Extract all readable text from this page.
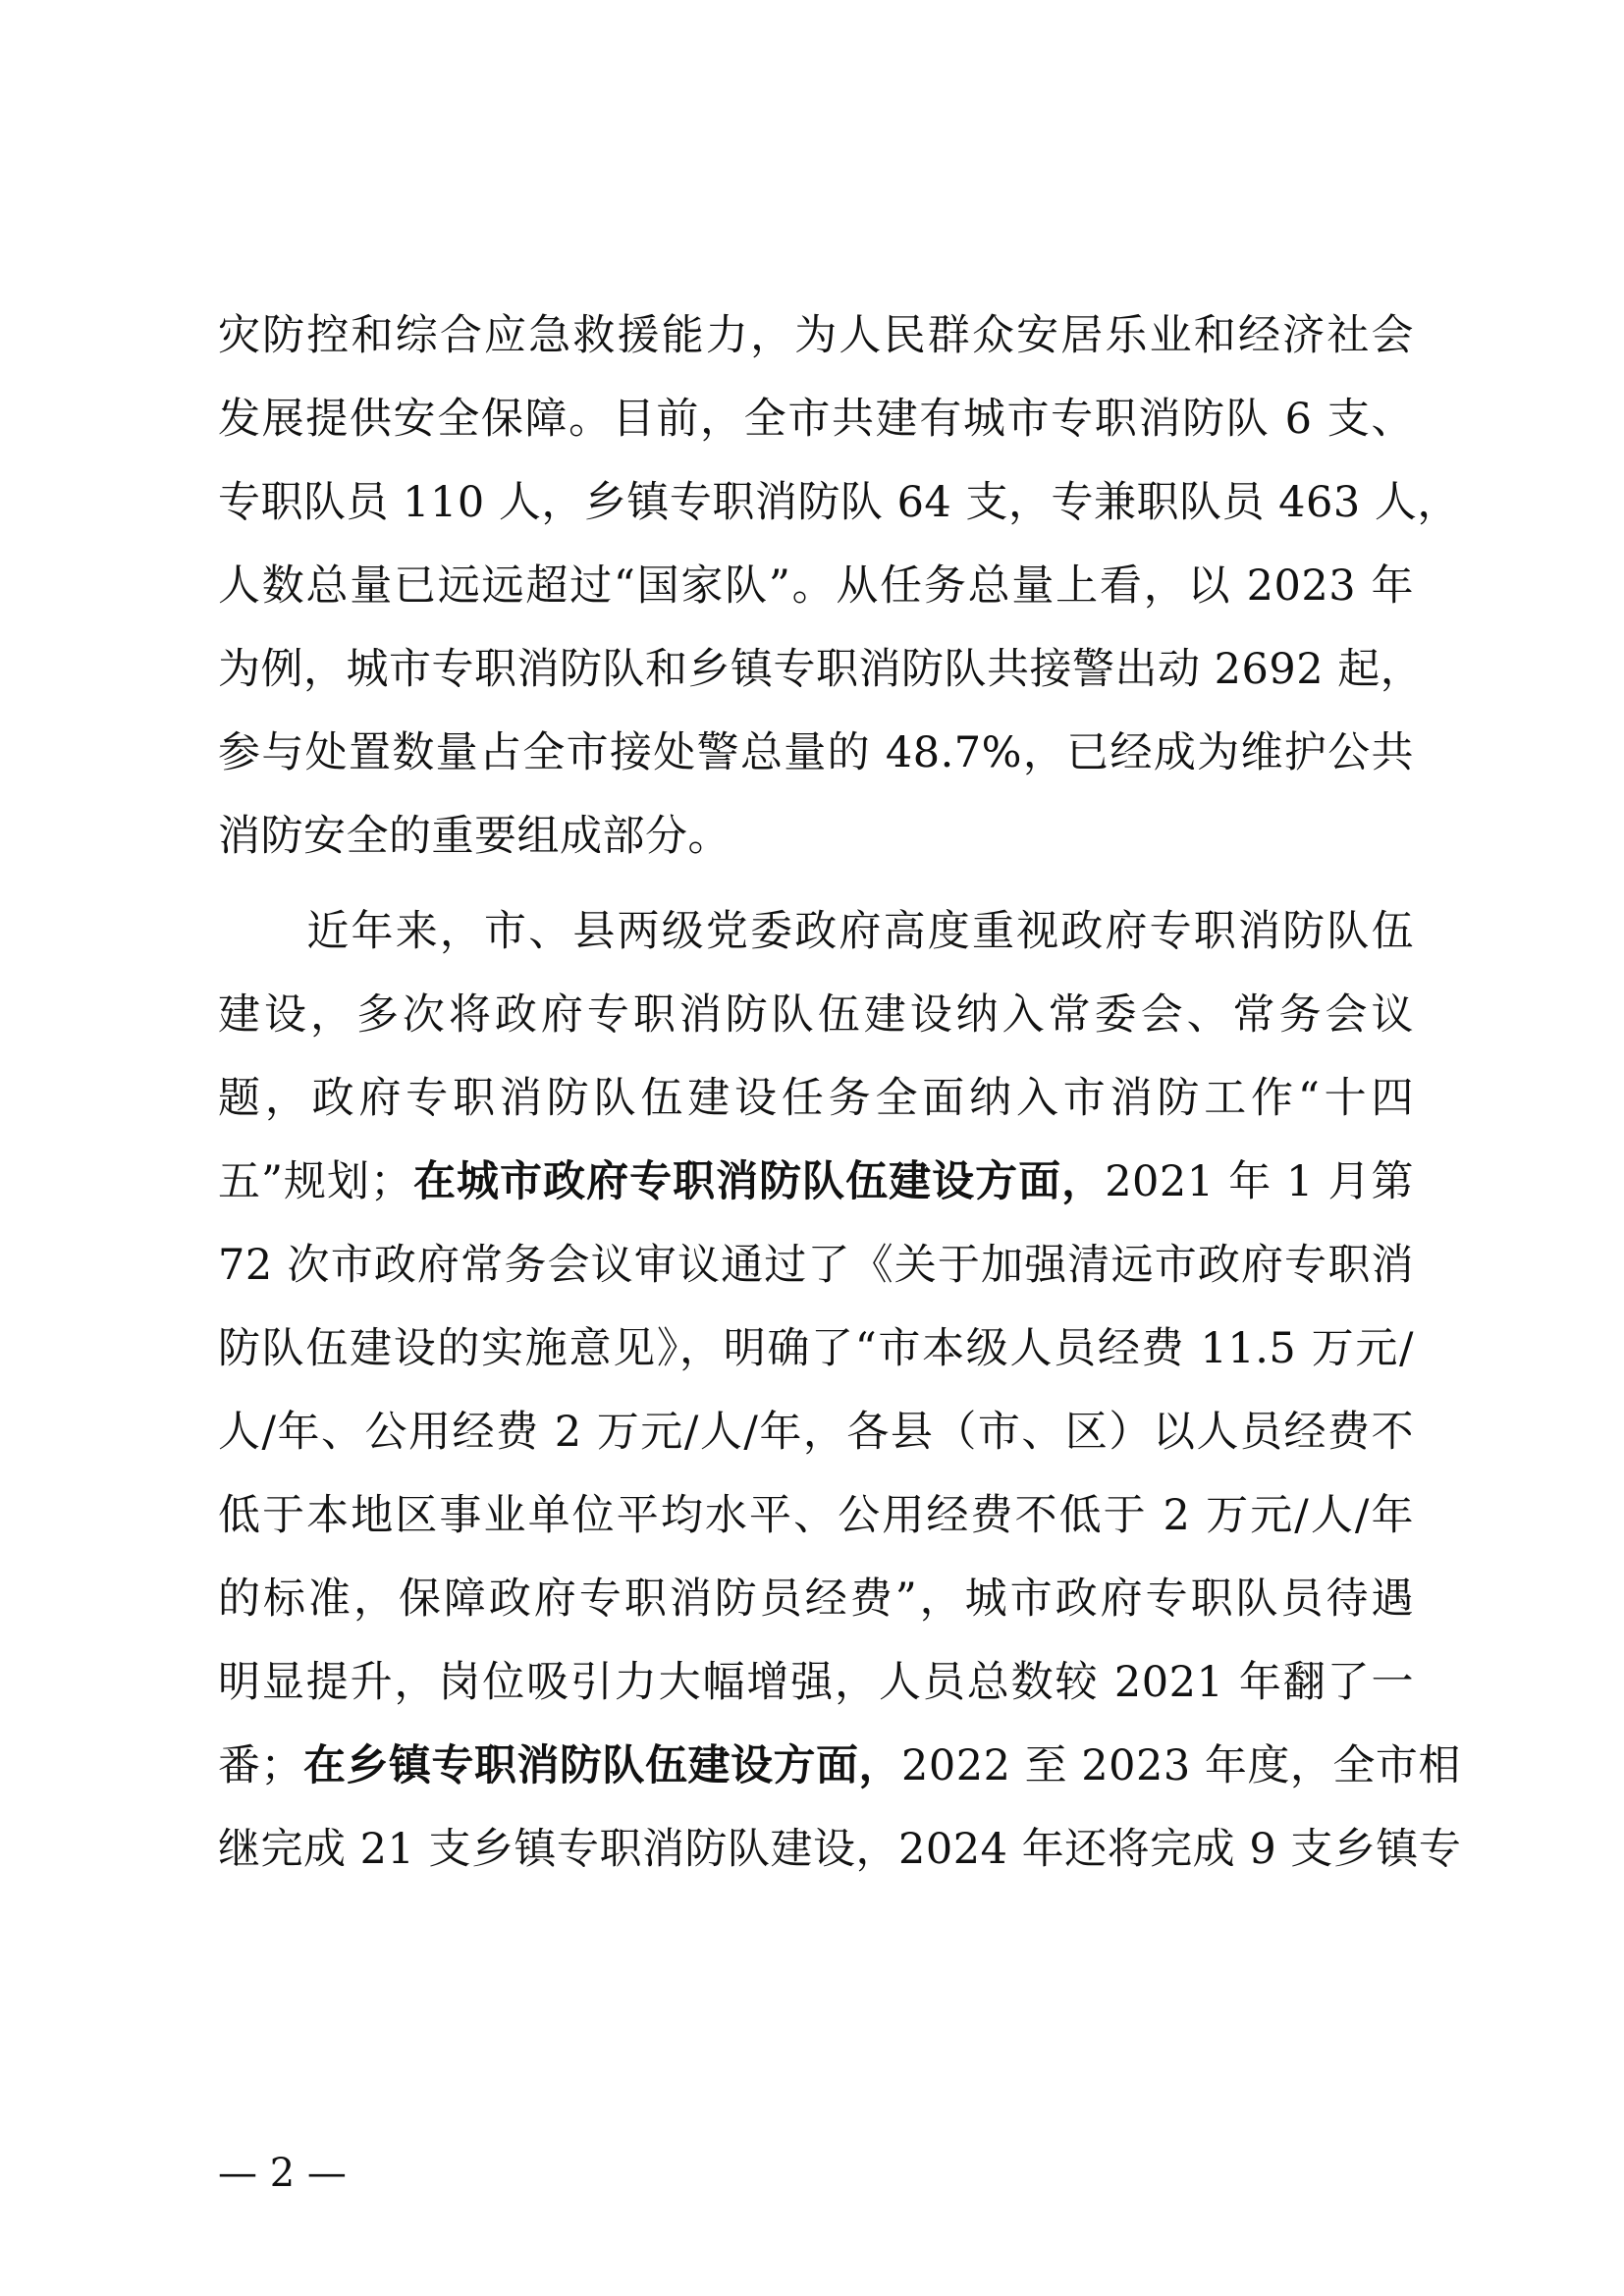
灾防控和综合应急救援能力，为人民群众安居乐业和经济社会
发展提供安全保障。目前，全市共建有城市专职消防队 6 支、
专职队员 110 人，乡镇专职消防队 64 支，专兼职队员 463 人，
人数总量已远远超过“国家队”。从任务总量上看，以 2023 年
为例，城市专职消防队和乡镇专职消防队共接警出动 2692 起，
参与处置数量占全市接处警总量的 48.7%，已经成为维护公共
消防安全的重要组成部分。
　　近年来，市、县两级党委政府高度重视政府专职消防队伍
建设，多次将政府专职消防队伍建设纳入常委会、常务会议
题，政府专职消防队伍建设任务全面纳入市消防工作“十四
五”规划；在城市政府专职消防队伍建设方面，2021 年 1 月第
72 次市政府常务会议审议通过了《关于加强清远市政府专职消
防队伍建设的实施意见》，明确了“市本级人员经费 11.5 万元/
人/年、公用经费 2 万元/人/年，各县（市、区）以人员经费不
低于本地区事业单位平均水平、公用经费不低于 2 万元/人/年
的标准，保障政府专职消防员经费”，城市政府专职队员待遇
明显提升，岗位吸引力大幅增强，人员总数较 2021 年翻了一
番；在乡镇专职消防队伍建设方面，2022 至 2023 年度，全市相
继完成 21 支乡镇专职消防队建设，2024 年还将完成 9 支乡镇专
— 2 —
